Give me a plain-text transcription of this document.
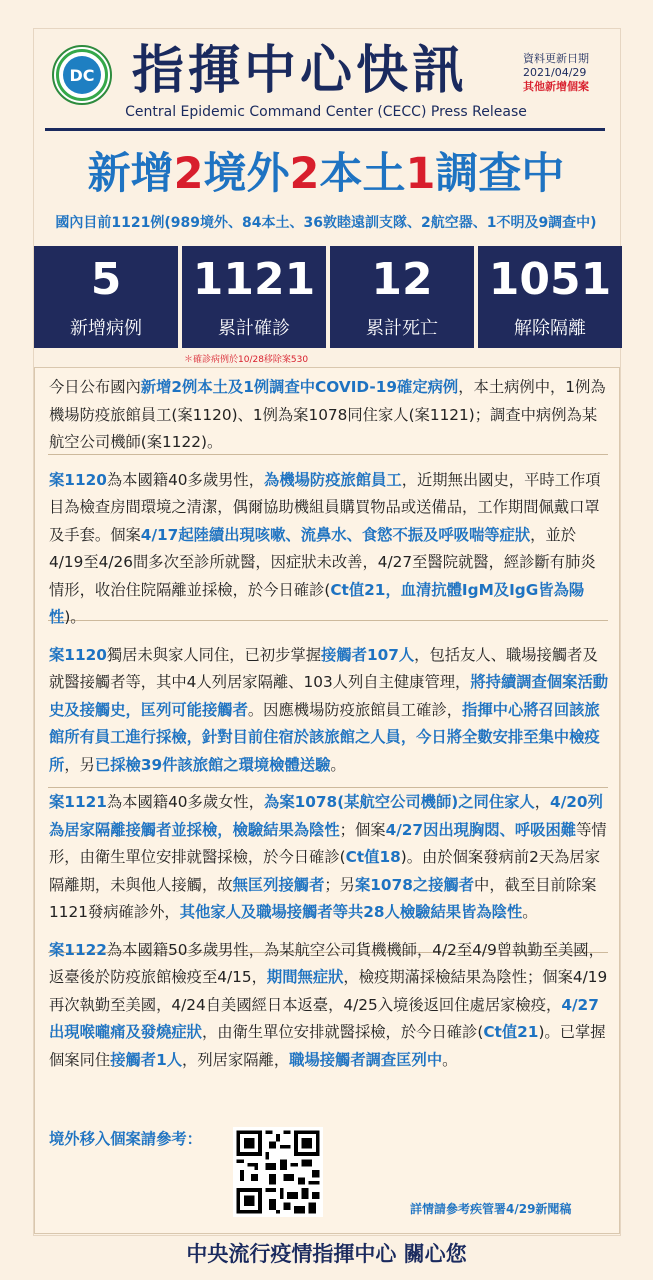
DC 指揮中心快訊	資料更新日期
2021/04/29
其他新增個案
Central Epidemic Command Center (CECC) Press Release
新增2境外2本土1調查中
國內目前1121例(989境外、84本土、36敦睦遠訓支隊、2航空器、1不明及9調查中)
5
新增病例
1121
累計確診
12
累計死亡
1051
解除隔離
＊確診病例於10/28移除案530

今日公布國內新增2例本土及1例調查中COVID-19確定病例，本土病例中，1例為機場防疫旅館員工(案1120)、1例為案1078同住家人(案1121)；調查中病例為某航空公司機師(案1122)。

案1120為本國籍40多歲男性，為機場防疫旅館員工，近期無出國史，平時工作項目為檢查房間環境之清潔，偶爾協助機組員購買物品或送備品，工作期間佩戴口罩及手套。個案4/17起陸續出現咳嗽、流鼻水、食慾不振及呼吸喘等症狀，並於4/19至4/26間多次至診所就醫，因症狀未改善，4/27至醫院就醫，經診斷有肺炎情形，收治住院隔離並採檢，於今日確診(Ct值21，血清抗體IgM及IgG皆為陽性)。

案1120獨居未與家人同住，已初步掌握接觸者107人，包括友人、職場接觸者及就醫接觸者等，其中4人列居家隔離、103人列自主健康管理，將持續調查個案活動史及接觸史，匡列可能接觸者。因應機場防疫旅館員工確診，指揮中心將召回該旅館所有員工進行採檢，針對目前住宿於該旅館之人員，今日將全數安排至集中檢疫所，另已採檢39件該旅館之環境檢體送驗。

案1121為本國籍40多歲女性，為案1078(某航空公司機師)之同住家人，4/20列為居家隔離接觸者並採檢，檢驗結果為陰性；個案4/27因出現胸悶、呼吸困難等情形，由衛生單位安排就醫採檢，於今日確診(Ct值18)。由於個案發病前2天為居家隔離期，未與他人接觸，故無匡列接觸者；另案1078之接觸者中，截至目前除案1121發病確診外，其他家人及職場接觸者等共28人檢驗結果皆為陰性。

案1122為本國籍50多歲男性，為某航空公司貨機機師，4/2至4/9曾執勤至美國，返臺後於防疫旅館檢疫至4/15，期間無症狀，檢疫期滿採檢結果為陰性；個案4/19再次執勤至美國，4/24自美國經日本返臺，4/25入境後返回住處居家檢疫，4/27出現喉嚨痛及發燒症狀，由衛生單位安排就醫採檢，於今日確診(Ct值21)。已掌握個案同住接觸者1人，列居家隔離，職場接觸者調查匡列中。

境外移入個案請參考：
詳情請參考疾管署4/29新聞稿
中央流行疫情指揮中心 關心您
